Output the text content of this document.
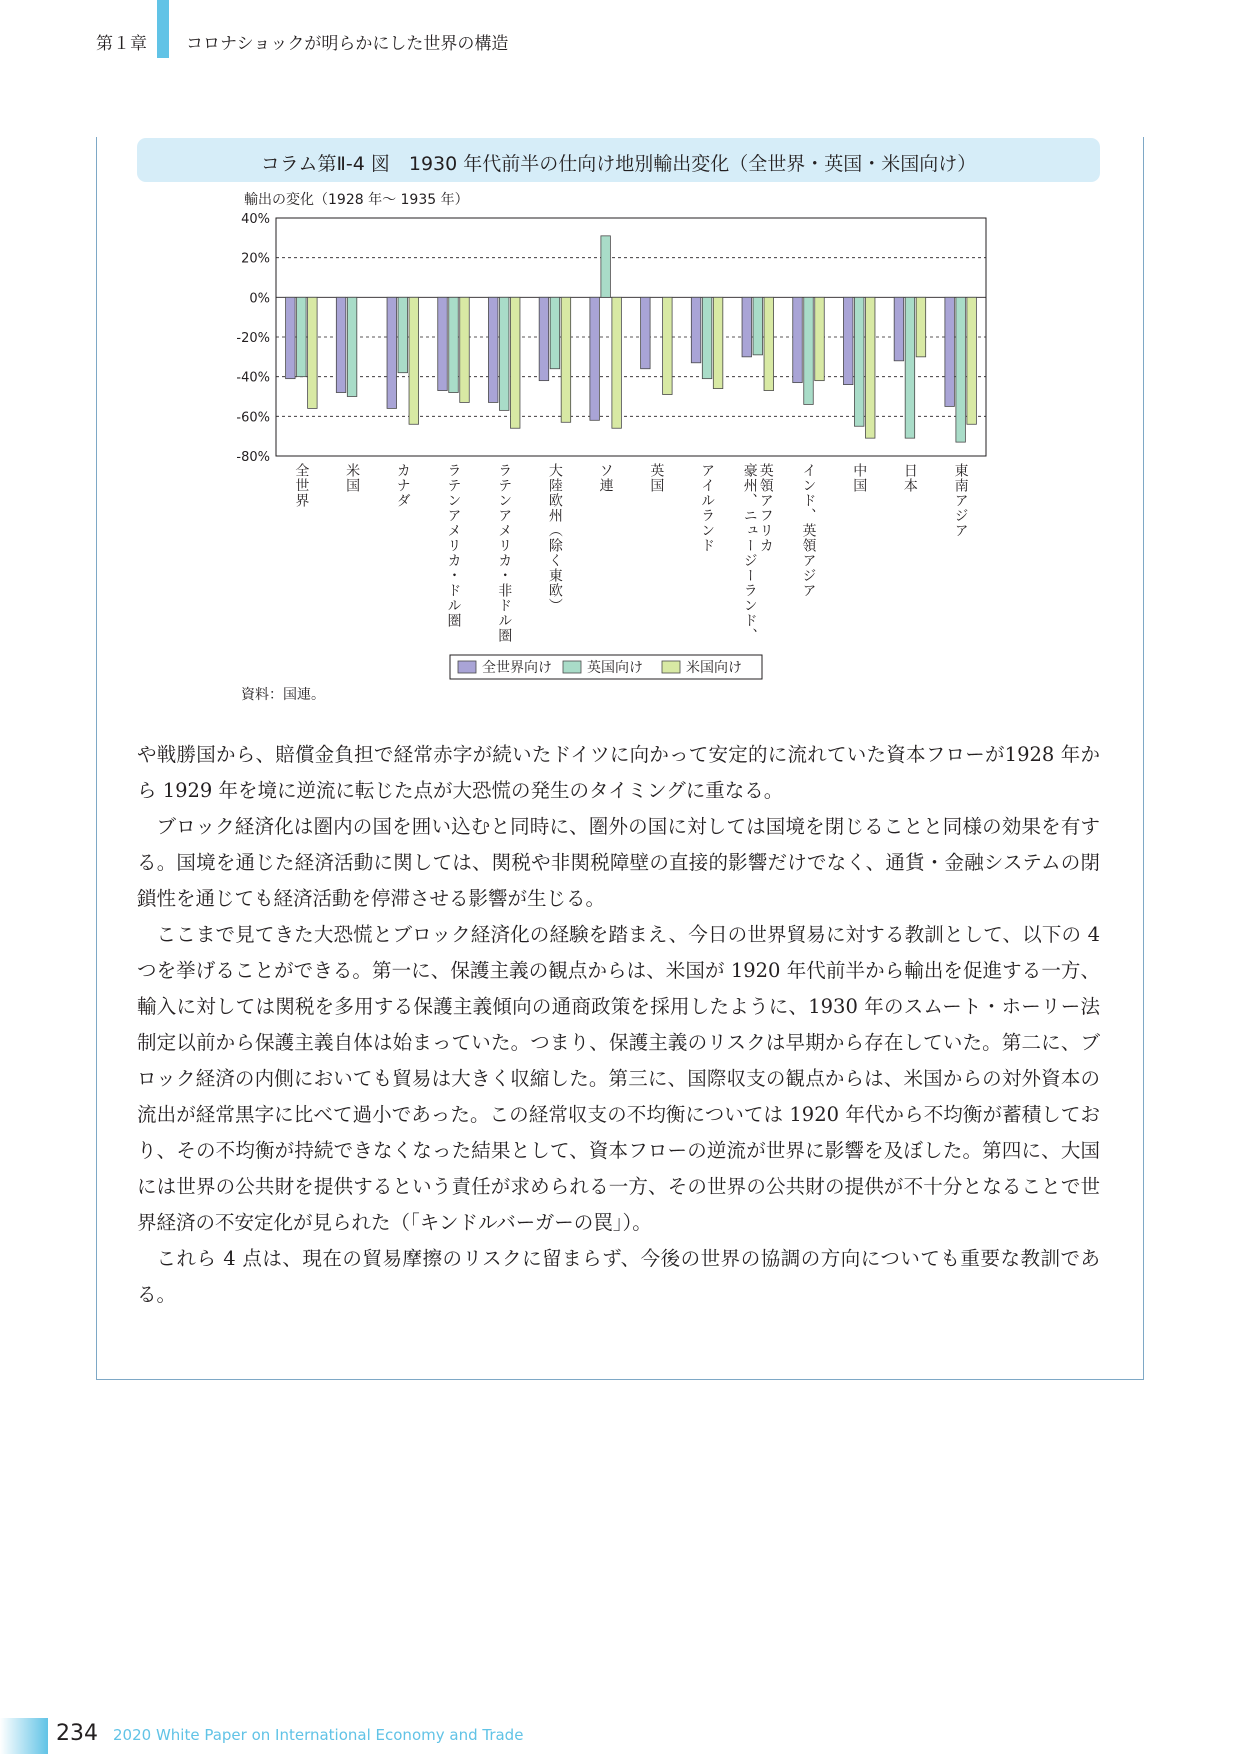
第１章 コロナショックが明らかにした世界の構造
コラム第Ⅱ-4 図　1930 年代前半の仕向け地別輸出変化（全世界・英国・米国向け）
輸出の変化（1928 年〜 1935 年）
40%
20%
0%
-20%
-40%
-60%
-80%
全世界 米国 カナダ ラテンアメリカ・ドル圏 ラテンアメリカ・非ドル圏 大陸欧州（除く東欧） ソ連 英国 アイルランド 豪州、ニュージーランド、 英領アフリカ インド、英領アジア 中国 日本 東南アジア
全世界向け	英国向け	米国向け
資料：国連。

や戦勝国から、賠償金負担で経常赤字が続いたドイツに向かって安定的に流れていた資本フローが1928 年から 1929 年を境に逆流に転じた点が大恐慌の発生のタイミングに重なる。

ブロック経済化は圏内の国を囲い込むと同時に、圏外の国に対しては国境を閉じることと同様の効果を有する。国境を通じた経済活動に関しては、関税や非関税障壁の直接的影響だけでなく、通貨・金融システムの閉鎖性を通じても経済活動を停滞させる影響が生じる。

ここまで見てきた大恐慌とブロック経済化の経験を踏まえ、今日の世界貿易に対する教訓として、以下の 4 つを挙げることができる。第一に、保護主義の観点からは、米国が 1920 年代前半から輸出を促進する一方、輸入に対しては関税を多用する保護主義傾向の通商政策を採用したように、1930 年のスムート・ホーリー法制定以前から保護主義自体は始まっていた。つまり、保護主義のリスクは早期から存在していた。第二に、ブロック経済の内側においても貿易は大きく収縮した。第三に、国際収支の観点からは、米国からの対外資本の流出が経常黒字に比べて過小であった。この経常収支の不均衡については 1920 年代から不均衡が蓄積しており、その不均衡が持続できなくなった結果として、資本フローの逆流が世界に影響を及ぼした。第四に、大国には世界の公共財を提供するという責任が求められる一方、その世界の公共財の提供が不十分となることで世界経済の不安定化が見られた（「キンドルバーガーの罠」）。

これら 4 点は、現在の貿易摩擦のリスクに留まらず、今後の世界の協調の方向についても重要な教訓である。

234 2020 White Paper on International Economy and Trade
